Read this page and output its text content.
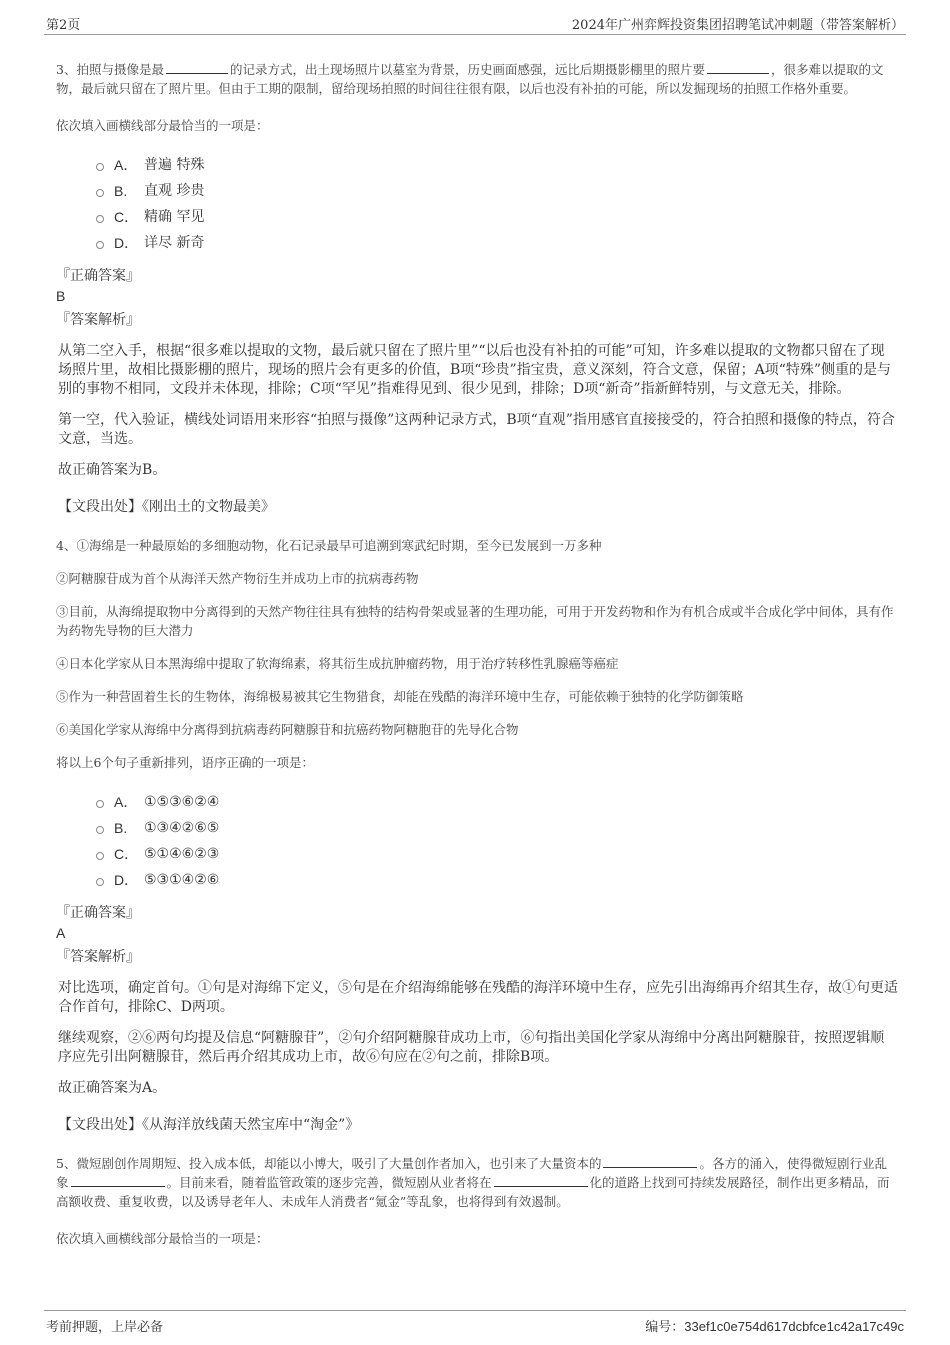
第2页	2024年广州弈辉投资集团招聘笔试冲刺题（带答案解析）
3、拍照与摄像是最	的记录方式，出土现场照片以墓室为背景，历史画面感强，远比后期摄影棚里的照片要	，很多难以提取的文物，最后就只留在了照片里。但由于工期的限制，留给现场拍照的时间往往很有限，以后也没有补拍的可能，所以发掘现场的拍照工作格外重要。
依次填入画横线部分最恰当的一项是：
A． 普遍 特殊
B.	直观 珍贵
C． 精确 罕见
D． 详尽 新奇
『正确答案』
B
『答案解析』
从第二空入手，根据“很多难以提取的文物，最后就只留在了照片里”“以后也没有补拍的可能”可知，许多难以提取的文物都只留在了现场照片里，故相比摄影棚的照片，现场的照片会有更多的价值，B项“珍贵”指宝贵，意义深刻，符合文意，保留；A项“特殊”侧重的是与别的事物不相同，文段并未体现，排除；C项“罕见”指难得见到、很少见到，排除；D项“新奇”指新鲜特别，与文意无关，排除。
第一空，代入验证，横线处词语用来形容“拍照与摄像”这两种记录方式，B项“直观”指用感官直接接受的，符合拍照和摄像的特点，符合文意，当选。
故正确答案为B。
【文段出处】《刚出土的文物最美》
4、①海绵是一种最原始的多细胞动物，化石记录最早可追溯到寒武纪时期，至今已发展到一万多种
②阿糖腺苷成为首个从海洋天然产物衍生并成功上市的抗病毒药物
③目前，从海绵提取物中分离得到的天然产物往往具有独特的结构骨架或显著的生理功能，可用于开发药物和作为有机合成或半合成化学中间体，具有作为药物先导物的巨大潜力
④日本化学家从日本黑海绵中提取了软海绵素，将其衍生成抗肿瘤药物，用于治疗转移性乳腺癌等癌症
⑤作为一种营固着生长的生物体，海绵极易被其它生物猎食，却能在残酷的海洋环境中生存，可能依赖于独特的化学防御策略
⑥美国化学家从海绵中分离得到抗病毒药阿糖腺苷和抗癌药物阿糖胞苷的先导化合物
将以上6个句子重新排列，语序正确的一项是：
A． ①⑤③⑥②④
B.	①③④②⑥⑤
C． ⑤①④⑥②③
D． ⑤③①④②⑥
『正确答案』
A
『答案解析』
对比选项，确定首句。①句是对海绵下定义，⑤句是在介绍海绵能够在残酷的海洋环境中生存，应先引出海绵再介绍其生存，故①句更适合作首句，排除C、D两项。
继续观察，②⑥两句均提及信息“阿糖腺苷”，②句介绍阿糖腺苷成功上市，⑥句指出美国化学家从海绵中分离出阿糖腺苷，按照逻辑顺序应先引出阿糖腺苷，然后再介绍其成功上市，故⑥句应在②句之前，排除B项。
故正确答案为A。
【文段出处】《从海洋放线菌天然宝库中“淘金”》
5、微短剧创作周期短、投入成本低，却能以小博大，吸引了大量创作者加入，也引来了大量资本的	。各方的涌入，使得微短剧行业乱象	。目前来看，随着监管政策的逐步完善，微短剧从业者将在	化的道路上找到可持续发展路径，制作出更多精品，而高额收费、重复收费，以及诱导老年人、未成年人消费者“氪金”等乱象，也将得到有效遏制。
依次填入画横线部分最恰当的一项是：
考前押题，上岸必备	编号：33ef1c0e754d617dcbfce1c42a17c49c
